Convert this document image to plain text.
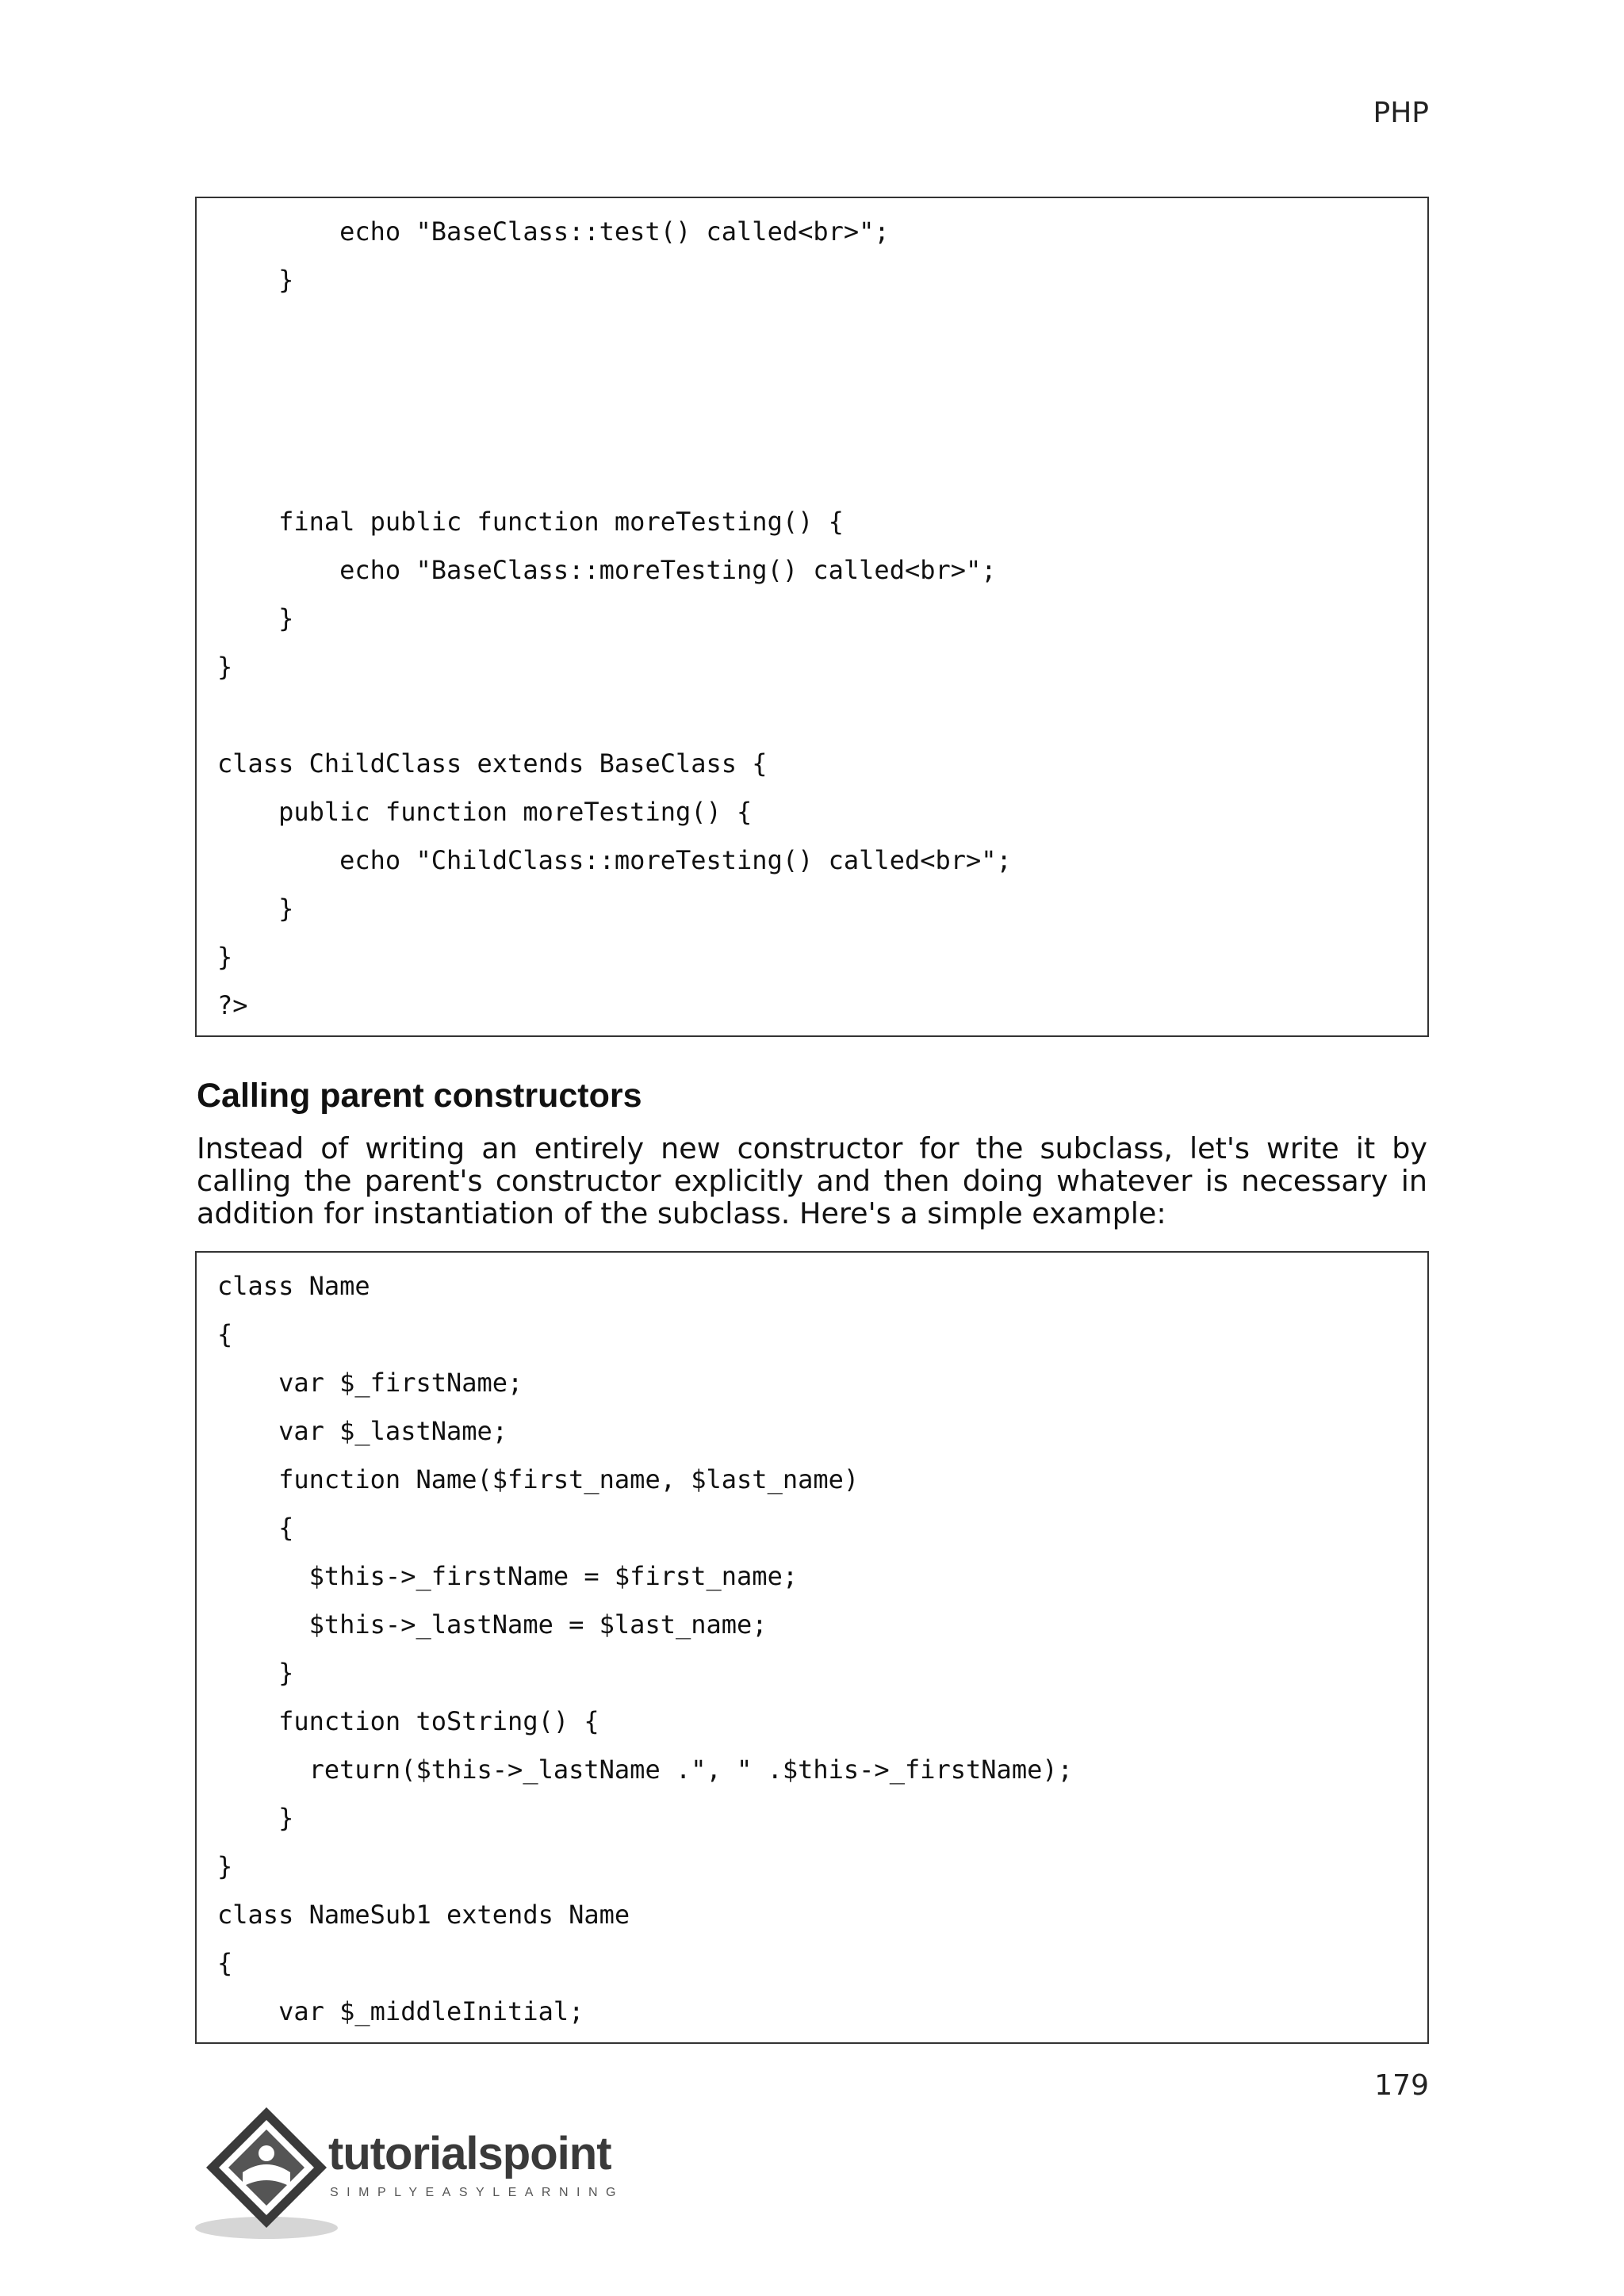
PHP
echo "BaseClass::test() called<br>";
}
final public function moreTesting() {
echo "BaseClass::moreTesting() called<br>";
}
}
class ChildClass extends BaseClass {
public function moreTesting() {
echo "ChildClass::moreTesting() called<br>";
}
}
?>
Calling parent constructors
Instead of writing an entirely new constructor for the subclass, let's write it by calling the parent's constructor explicitly and then doing whatever is necessary in addition for instantiation of the subclass. Here's a simple example:
class Name
{
var $_firstName;
var $_lastName;
function Name($first_name, $last_name)
{
$this->_firstName = $first_name;
$this->_lastName = $last_name;
}
function toString() {
return($this->_lastName .", " .$this->_firstName);
}
}
class NameSub1 extends Name
{
var $_middleInitial;
179
tutorialspoint
SIMPLYEASYLEARNING
